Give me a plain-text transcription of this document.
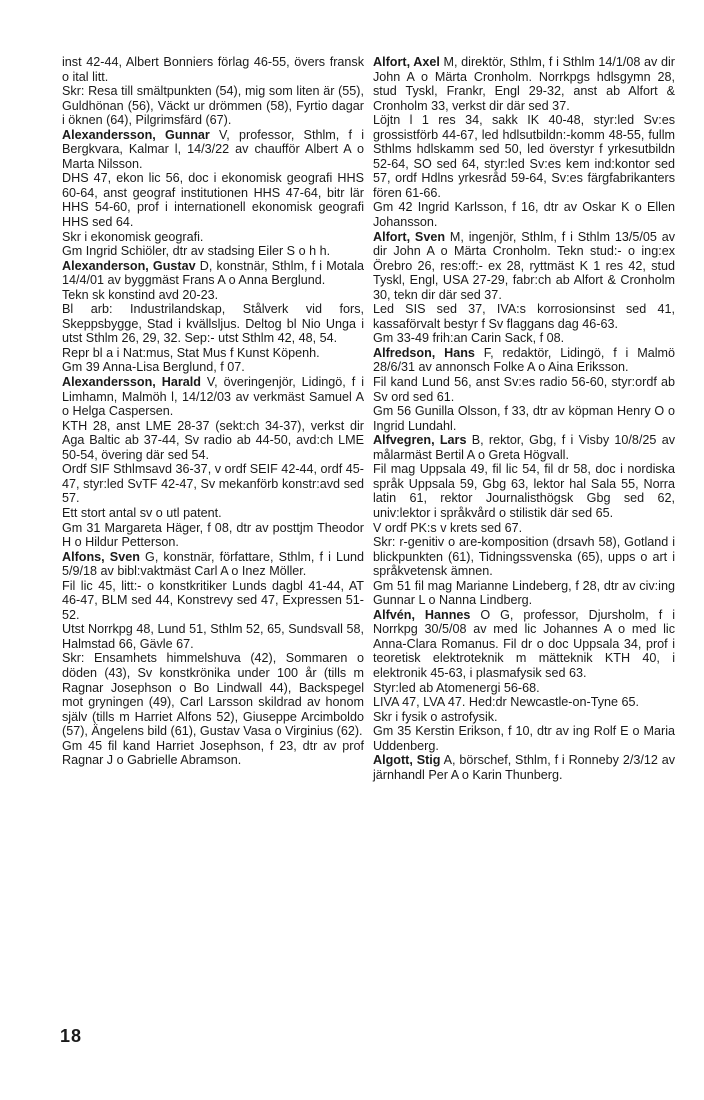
inst 42-44, Albert Bonniers förlag 46-55, övers fransk o ital litt.

Skr: Resa till smältpunkten (54), mig som liten är (55), Guldhönan (56), Väckt ur drömmen (58), Fyrtio dagar i öknen (64), Pilgrimsfärd (67).

Alexandersson, Gunnar V, professor, Sthlm, f i Bergkvara, Kalmar l, 14/3/22 av chaufför Albert A o Marta Nilsson.

DHS 47, ekon lic 56, doc i ekonomisk geografi HHS 60-64, anst geograf institutionen HHS 47-64, bitr lär HHS 54-60, prof i internationell ekonomisk geografi HHS sed 64.

Skr i ekonomisk geografi.

Gm Ingrid Schiöler, dtr av stadsing Eiler S o h h.

Alexanderson, Gustav D, konstnär, Sthlm, f i Motala 14/4/01 av byggmäst Frans A o Anna Berglund.

Tekn sk konstind avd 20-23.

Bl arb: Industrilandskap, Stålverk vid fors, Skeppsbygge, Stad i kvällsljus. Deltog bl Nio Unga i utst Sthlm 26, 29, 32. Sep:- utst Sthlm 42, 48, 54.

Repr bl a i Nat:mus, Stat Mus f Kunst Köpenh.

Gm 39 Anna-Lisa Berglund, f 07.

Alexandersson, Harald V, överingenjör, Lidingö, f i Limhamn, Malmöh l, 14/12/03 av verkmäst Samuel A o Helga Caspersen.

KTH 28, anst LME 28-37 (sekt:ch 34-37), verkst dir Aga Baltic ab 37-44, Sv radio ab 44-50, avd:ch LME 50-54, övering där sed 54.

Ordf SIF Sthlmsavd 36-37, v ordf SEIF 42-44, ordf 45-47, styr:led SvTF 42-47, Sv mekanförb konstr:avd sed 57.

Ett stort antal sv o utl patent.

Gm 31 Margareta Häger, f 08, dtr av posttjm Theodor H o Hildur Petterson.

Alfons, Sven G, konstnär, författare, Sthlm, f i Lund 5/9/18 av bibl:vaktmäst Carl A o Inez Möller.

Fil lic 45, litt:- o konstkritiker Lunds dagbl 41-44, AT 46-47, BLM sed 44, Konstrevy sed 47, Expressen 51-52.

Utst Norrkpg 48, Lund 51, Sthlm 52, 65, Sundsvall 58, Halmstad 66, Gävle 67.

Skr: Ensamhets himmelshuva (42), Sommaren o döden (43), Sv konstkrönika under 100 år (tills m Ragnar Josephson o Bo Lindwall 44), Backspegel mot gryningen (49), Carl Larsson skildrad av honom själv (tills m Harriet Alfons 52), Giuseppe Arcimboldo (57), Ängelens bild (61), Gustav Vasa o Virginius (62).

Gm 45 fil kand Harriet Josephson, f 23, dtr av prof Ragnar J o Gabrielle Abramson.

Alfort, Axel M, direktör, Sthlm, f i Sthlm 14/1/08 av dir John A o Märta Cronholm. Norrkpgs hdlsgymn 28, stud Tyskl, Frankr, Engl 29-32, anst ab Alfort & Cronholm 33, verkst dir där sed 37.

Löjtn l 1 res 34, sakk IK 40-48, styr:led Sv:es grossistförb 44-67, led hdlsutbildn:-komm 48-55, fullm Sthlms hdlskamm sed 50, led överstyr f yrkesutbildn 52-64, SO sed 64, styr:led Sv:es kem ind:kontor sed 57, ordf Hdlns yrkesråd 59-64, Sv:es färgfabrikanters fören 61-66.

Gm 42 Ingrid Karlsson, f 16, dtr av Oskar K o Ellen Johansson.

Alfort, Sven M, ingenjör, Sthlm, f i Sthlm 13/5/05 av dir John A o Märta Cronholm. Tekn stud:- o ing:ex Örebro 26, res:off:- ex 28, ryttmäst K 1 res 42, stud Tyskl, Engl, USA 27-29, fabr:ch ab Alfort & Cronholm 30, tekn dir där sed 37.

Led SIS sed 37, IVA:s korrosionsinst sed 41, kassaförvalt bestyr f Sv flaggans dag 46-63.

Gm 33-49 frih:an Carin Sack, f 08.

Alfredson, Hans F, redaktör, Lidingö, f i Malmö 28/6/31 av annonsch Folke A o Aina Eriksson.

Fil kand Lund 56, anst Sv:es radio 56-60, styr:ordf ab Sv ord sed 61.

Gm 56 Gunilla Olsson, f 33, dtr av köpman Henry O o Ingrid Lundahl.

Alfvegren, Lars B, rektor, Gbg, f i Visby 10/8/25 av målarmäst Bertil A o Greta Högvall.

Fil mag Uppsala 49, fil lic 54, fil dr 58, doc i nordiska språk Uppsala 59, Gbg 63, lektor hal Sala 55, Norra latin 61, rektor Journalisthögsk Gbg sed 62, univ:lektor i språkvård o stilistik där sed 65.

V ordf PK:s v krets sed 67.

Skr: r-genitiv o are-komposition (drsavh 58), Gotland i blickpunkten (61), Tidningssvenska (65), upps o art i språkvetensk ämnen.

Gm 51 fil mag Marianne Lindeberg, f 28, dtr av civ:ing Gunnar L o Nanna Lindberg.

Alfvén, Hannes O G, professor, Djursholm, f i Norrkpg 30/5/08 av med lic Johannes A o med lic Anna-Clara Romanus. Fil dr o doc Uppsala 34, prof i teoretisk elektroteknik m mätteknik KTH 40, i elektronik 45-63, i plasmafysik sed 63.

Styr:led ab Atomenergi 56-68.

LIVA 47, LVA 47. Hed:dr Newcastle-on-Tyne 65.

Skr i fysik o astrofysik.

Gm 35 Kerstin Erikson, f 10, dtr av ing Rolf E o Maria Uddenberg.

Algott, Stig A, börschef, Sthlm, f i Ronneby 2/3/12 av järnhandl Per A o Karin Thunberg.

18
